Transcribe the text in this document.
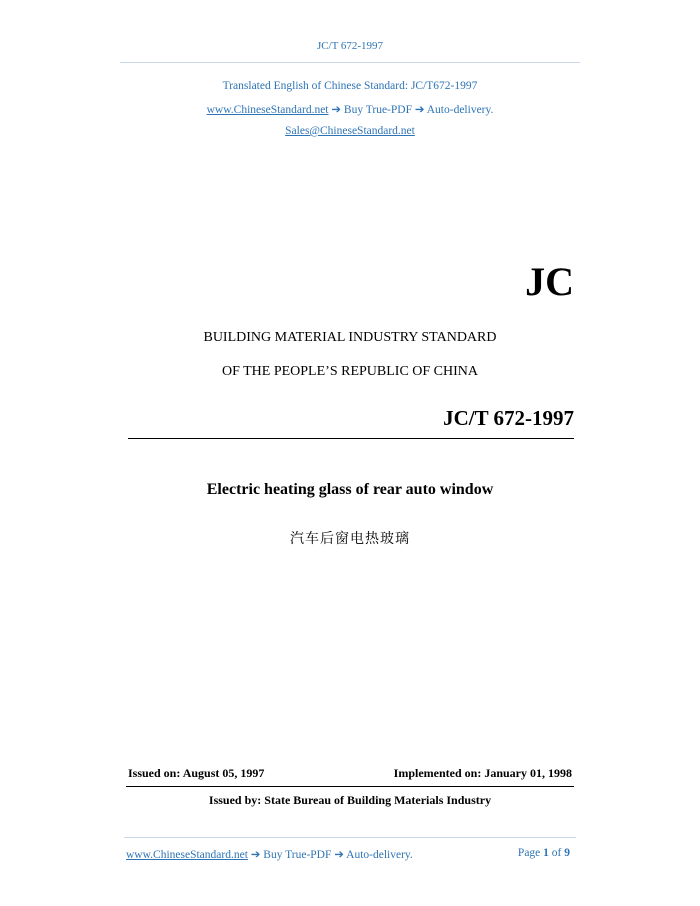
JC/T 672-1997
Translated English of Chinese Standard: JC/T672-1997
www.ChineseStandard.net ➔ Buy True-PDF ➔ Auto-delivery.
Sales@ChineseStandard.net
JC
BUILDING MATERIAL INDUSTRY STANDARD
OF THE PEOPLE’S REPUBLIC OF CHINA
JC/T 672-1997
Electric heating glass of rear auto window
汽车后窗电热玻璃
Issued on: August 05, 1997	Implemented on: January 01, 1998
Issued by: State Bureau of Building Materials Industry
www.ChineseStandard.net ➔ Buy True-PDF ➔ Auto-delivery.	Page 1 of 9
